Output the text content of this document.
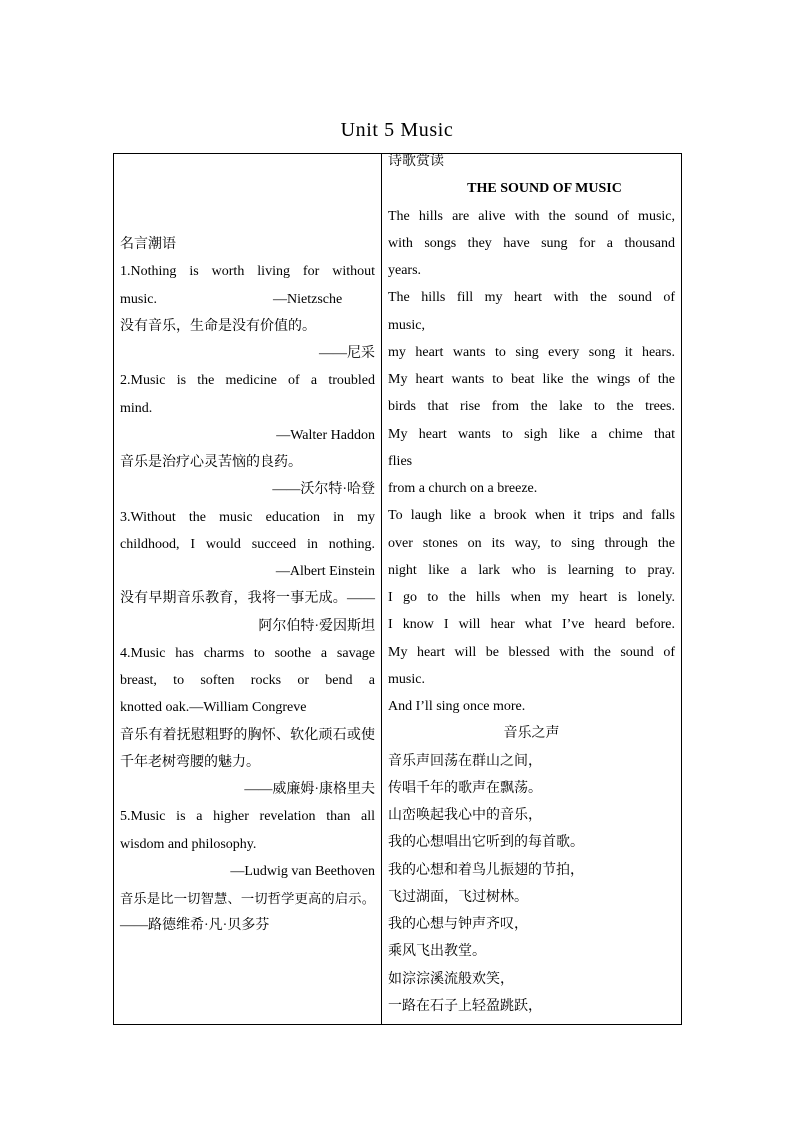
Unit 5 Music
名言潮语
1.Nothing is worth living for without
music.	—Nietzsche
没有音乐，生命是没有价值的。
——尼采
2.Music is the medicine of a troubled
mind.
—Walter Haddon
音乐是治疗心灵苦恼的良药。
——沃尔特·哈登
3.Without the music education in my
childhood, I would succeed in nothing.
—Albert Einstein
没有早期音乐教育，我将一事无成。——
阿尔伯特·爱因斯坦
4.Music has charms to soothe a savage
breast, to soften rocks or bend a
knotted oak.—William Congreve
音乐有着抚慰粗野的胸怀、软化顽石或使
千年老树弯腰的魅力。
——威廉姆·康格里夫
5.Music is a higher revelation than all
wisdom and philosophy.
—Ludwig van Beethoven
音乐是比一切智慧、一切哲学更高的启示。
——路德维希·凡·贝多芬
诗歌赏读
THE SOUND OF MUSIC
The hills are alive with the sound of music,
with songs they have sung for a thousand
years.
The hills fill my heart with the sound of
music,
my heart wants to sing every song it hears.
My heart wants to beat like the wings of the
birds that rise from the lake to the trees.
My heart wants to sigh like a chime that
flies
from a church on a breeze.
To laugh like a brook when it trips and falls
over stones on its way, to sing through the
night like a lark who is learning to pray.
I go to the hills when my heart is lonely.
I know I will hear what I’ve heard before.
My heart will be blessed with the sound of
music.
And I’ll sing once more.
音乐之声
音乐声回荡在群山之间，
传唱千年的歌声在飘荡。
山峦唤起我心中的音乐，
我的心想唱出它听到的每首歌。
我的心想和着鸟儿振翅的节拍，
飞过湖面，飞过树林。
我的心想与钟声齐叹，
乘风飞出教堂。
如淙淙溪流般欢笑，
一路在石子上轻盈跳跃，
